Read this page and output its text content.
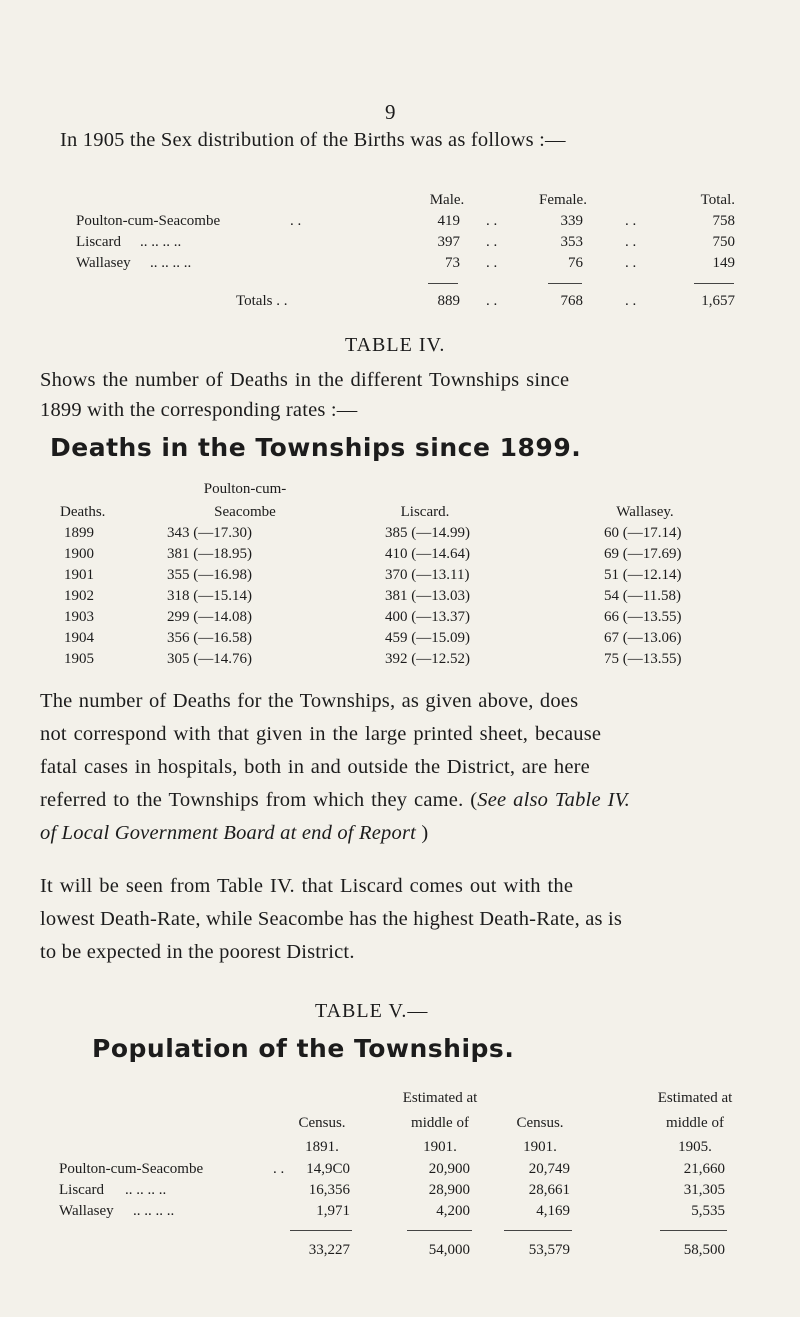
9
In 1905 the Sex distribution of the Births was as follows :—
Male.	Female.	Total.
Poulton-cum-Seacombe	. .	419 . .	339	. .	758
Liscard .. .. .. ..	397 . .	353	. .	750
Wallasey .. .. .. ..	73 . .	76	. .	149
Totals . .	889 . .	768	. .	1,657
TABLE IV.
Shows the number of Deaths in the different Townships since
1899 with the corresponding rates :—
Deaths in the Townships since 1899.
Poulton-cum-
Deaths.	Seacombe	Liscard.	Wallasey.
1899	343 (—17.30)	385 (—14.99)	60 (—17.14)
1900	381 (—18.95)	410 (—14.64)	69 (—17.69)
1901	355 (—16.98)	370 (—13.11)	51 (—12.14)
1902	318 (—15.14)	381 (—13.03)	54 (—11.58)
1903	299 (—14.08)	400 (—13.37)	66 (—13.55)
1904	356 (—16.58)	459 (—15.09)	67 (—13.06)
1905	305 (—14.76)	392 (—12.52)	75 (—13.55)
The number of Deaths for the Townships, as given above, does
not correspond with that given in the large printed sheet, because
fatal cases in hospitals, both in and outside the District, are here
referred to the Townships from which they came. (See also Table IV.
of Local Government Board at end of Report )
It will be seen from Table IV. that Liscard comes out with the
lowest Death-Rate, while Seacombe has the highest Death-Rate, as is
to be expected in the poorest District.
TABLE V.—
Population of the Townships.
Estimated at	Estimated at
Census.	middle of	Census.	middle of
1891.	1901.	1901.	1905.
Poulton-cum-Seacombe	. .	14,9C0	20,900	20,749	21,660
Liscard .. .. .. ..	16,356	28,900	28,661	31,305
Wallasey .. .. .. ..	1,971	4,200	4,169	5,535
33,227	54,000	53,579	58,500
